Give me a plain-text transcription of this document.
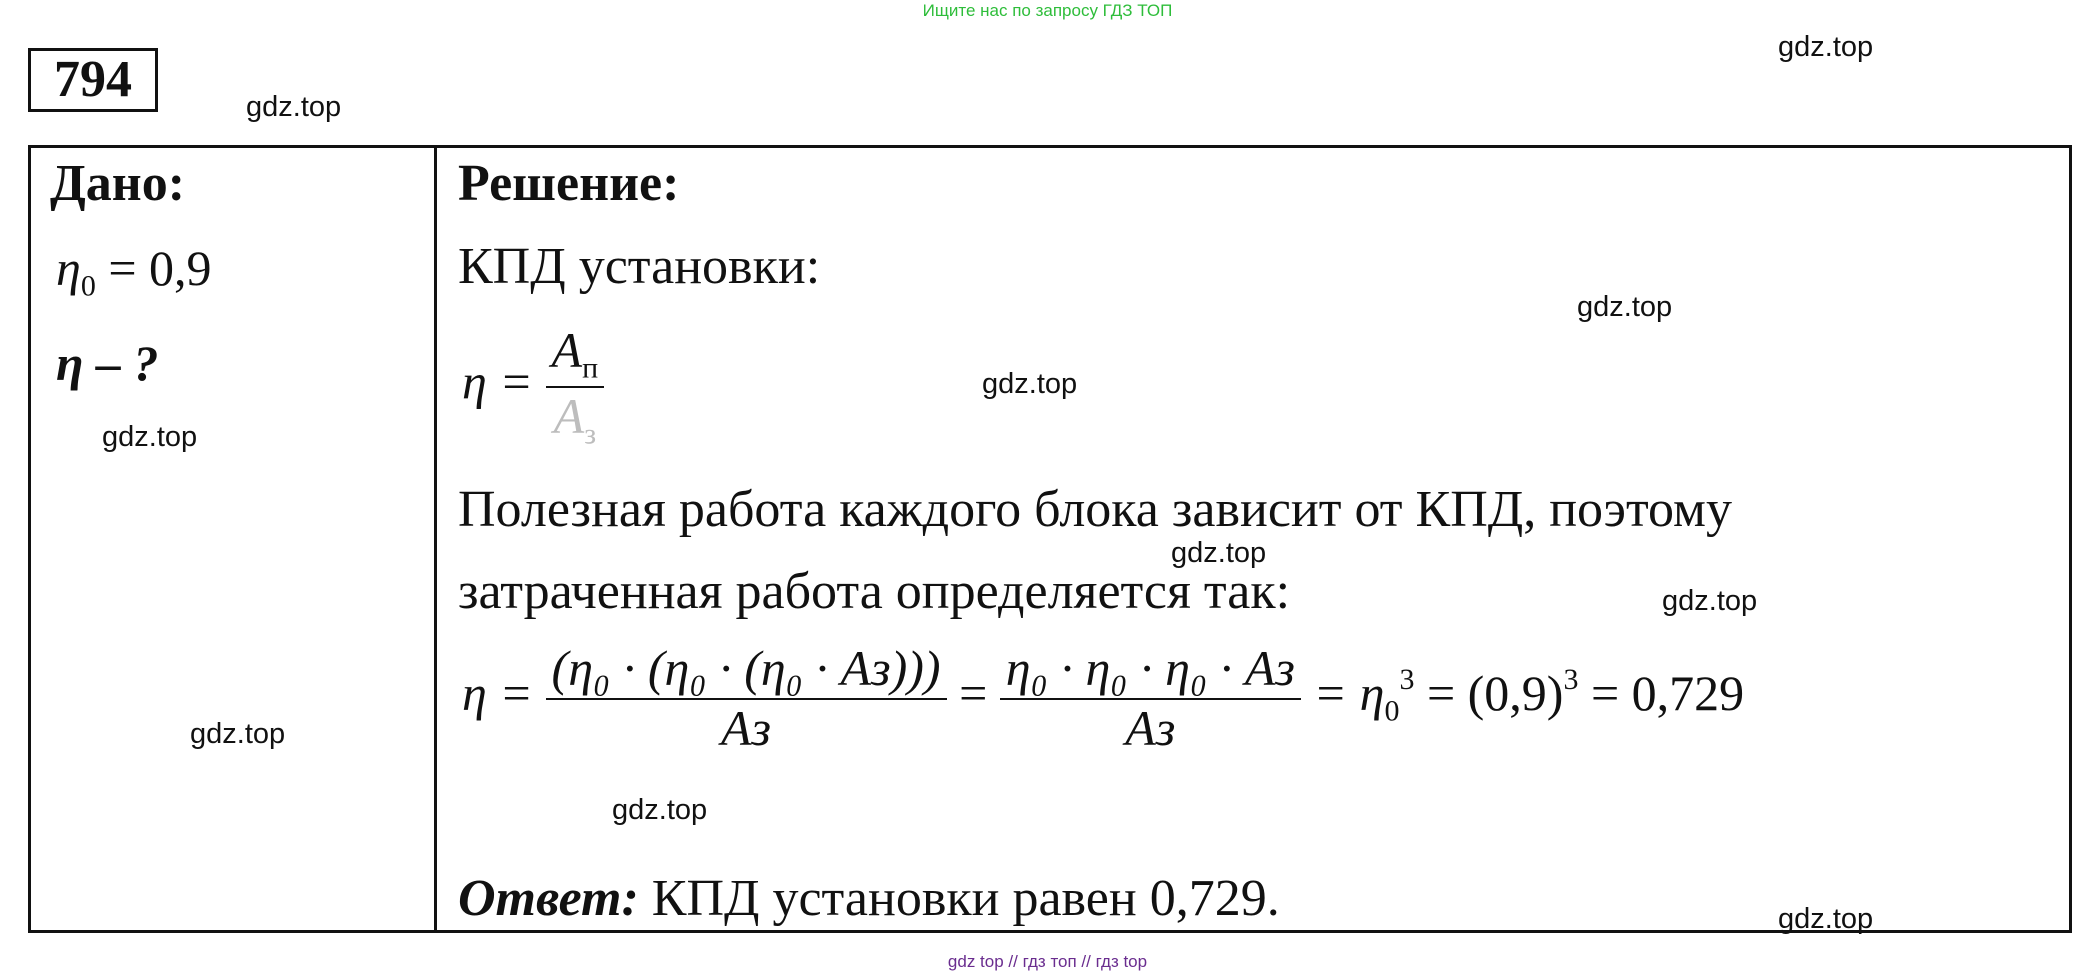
Ищите нас по запросу ГДЗ ТОП
794
gdz.top
gdz.top
gdz.top
gdz.top
gdz.top
gdz.top
gdz.top
gdz.top
gdz.top
Дано:
$\eta_0 = 0,9$
η – ?
Решение:
КПД установки:
$\eta = \frac{A_п}{A_з}$
Полезная работа каждого блока зависит от КПД, поэтому
затраченная работа определяется так:
$\eta = \frac{\text{(η₀ · (η₀ · (η₀ · Aз)))}}{Aз} = \frac{\text{η₀ · η₀ · η₀ · Aз}}{Aз} = \eta_0^3 = (0,9)^3 = 0,729$
Ответ: КПД установки равен 0,729.	gdz.top
gdz top // гдз топ // гдз top
